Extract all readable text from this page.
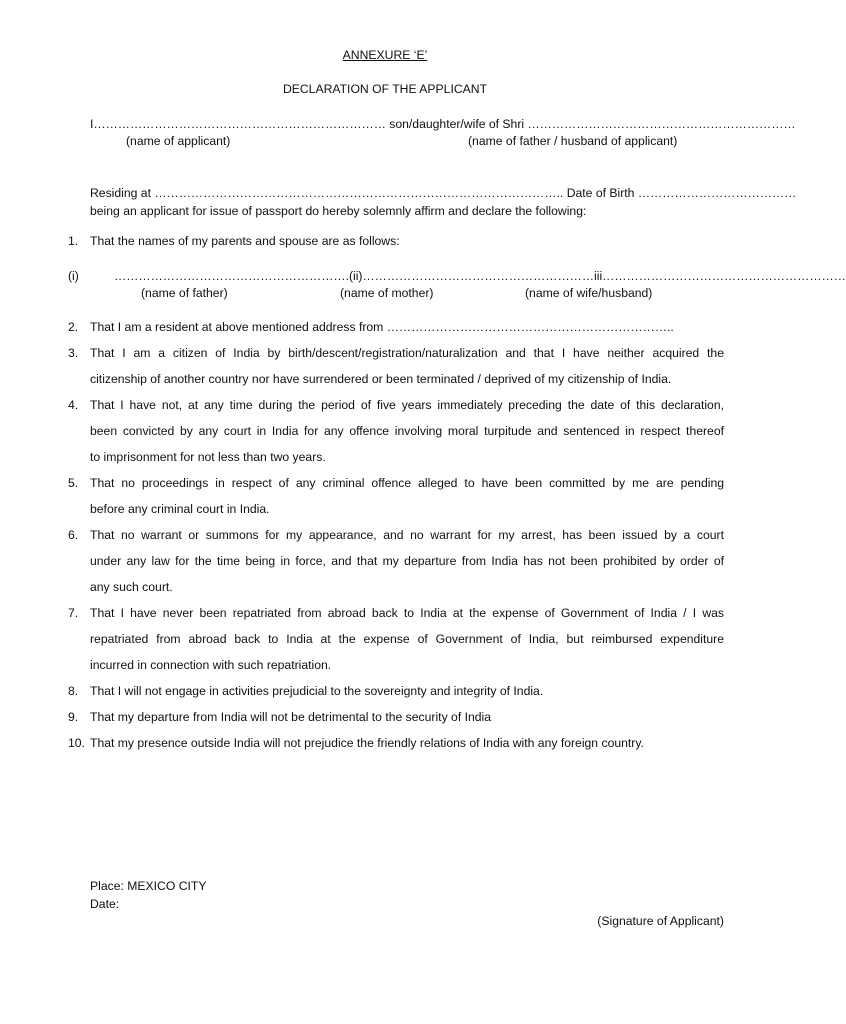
ANNEXURE ‘E’
DECLARATION OF THE APPLICANT
I……………………………………………………………… son/daughter/wife of Shri …………………………………………………………
(name of applicant)	(name of father / husband of applicant)
Residing at ……………………………………………………………………………………….. Date of Birth …………………………………
being an applicant for issue of passport do hereby solemnly affirm and declare the following:
1. That the names of my parents and spouse are as follows:
(i)	………………………………………………….(ii)…………………………………………………iii……………………………………………………
(name of father)	(name of mother)	(name of wife/husband)
2. That I am a resident at above mentioned address from ……………………………………………………………..
3. That I am a citizen of India by birth/descent/registration/naturalization and that I have neither acquired the
citizenship of another country nor have surrendered or been terminated / deprived of my citizenship of India.
4. That I have not, at any time during the period of five years immediately preceding the date of this declaration,
been convicted by any court in India for any offence involving moral turpitude and sentenced in respect thereof
to imprisonment for not less than two years.
5. That no proceedings in respect of any criminal offence alleged to have been committed by me are pending
before any criminal court in India.
6. That no warrant or summons for my appearance, and no warrant for my arrest, has been issued by a court
under any law for the time being in force, and that my departure from India has not been prohibited by order of
any such court.
7. That I have never been repatriated from abroad back to India at the expense of Government of India / I was
repatriated from abroad back to India at the expense of Government of India, but reimbursed expenditure
incurred in connection with such repatriation.
8. That I will not engage in activities prejudicial to the sovereignty and integrity of India.
9. That my departure from India will not be detrimental to the security of India
10. That my presence outside India will not prejudice the friendly relations of India with any foreign country.
Place: MEXICO CITY
Date:
(Signature of Applicant)
